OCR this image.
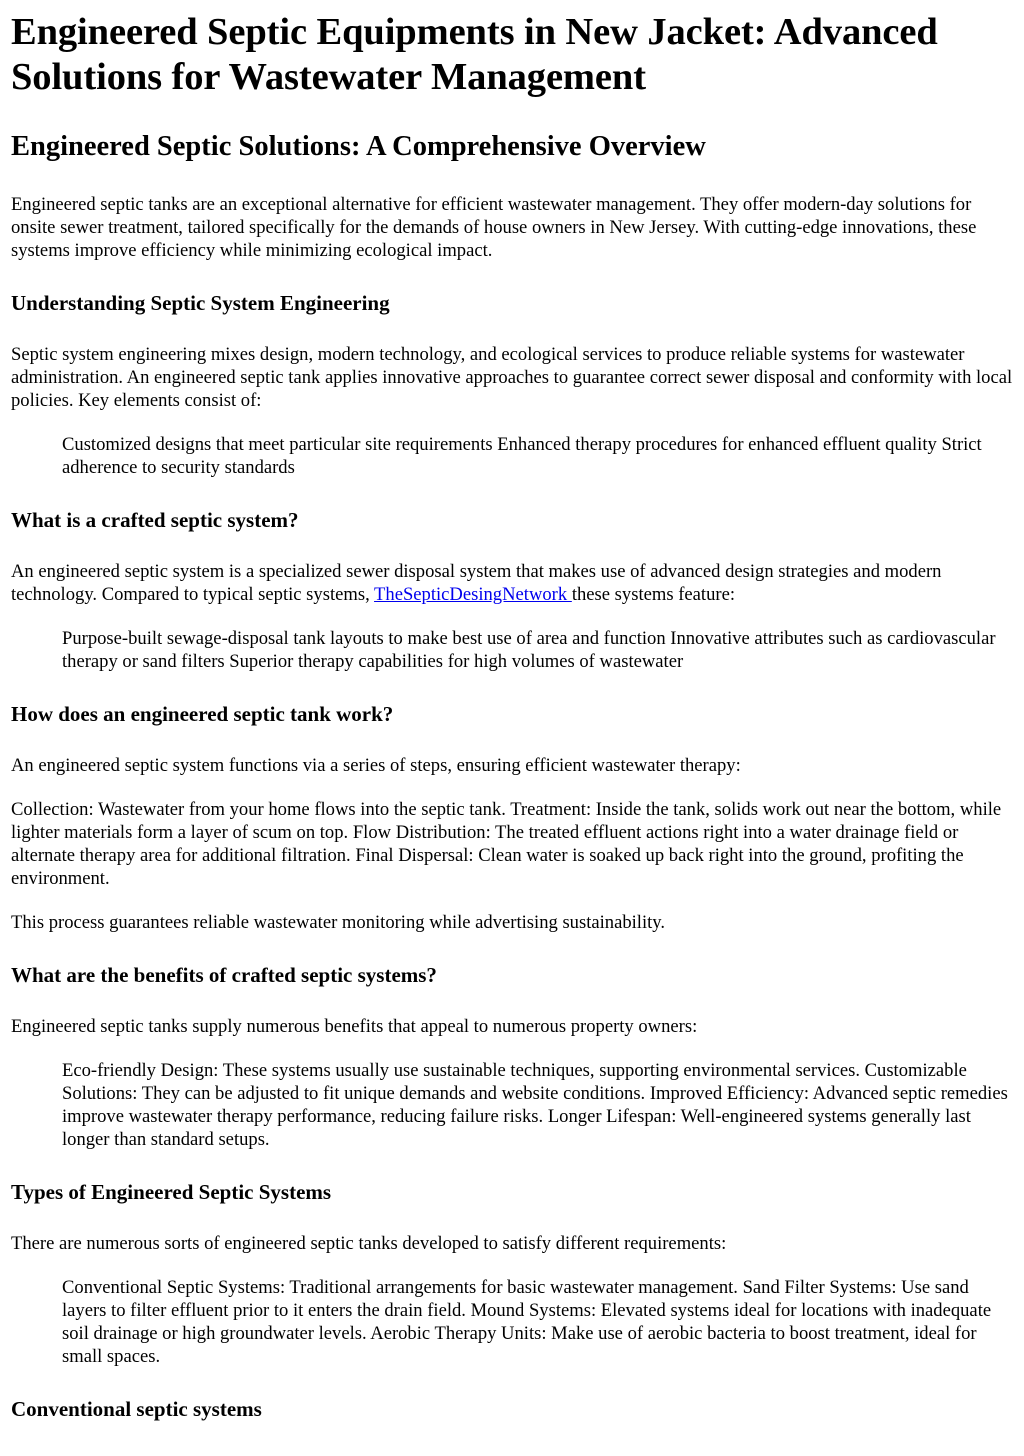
Engineered Septic Equipments in New Jacket: Advanced Solutions for Wastewater Management
Engineered Septic Solutions: A Comprehensive Overview

Engineered septic tanks are an exceptional alternative for efficient wastewater management. They offer modern-day solutions for onsite sewer treatment, tailored specifically for the demands of house owners in New Jersey. With cutting-edge innovations, these systems improve efficiency while minimizing ecological impact.

Understanding Septic System Engineering

Septic system engineering mixes design, modern technology, and ecological services to produce reliable systems for wastewater administration. An engineered septic tank applies innovative approaches to guarantee correct sewer disposal and conformity with local policies. Key elements consist of:

Customized designs that meet particular site requirements Enhanced therapy procedures for enhanced effluent quality Strict adherence to security standards

What is a crafted septic system?

An engineered septic system is a specialized sewer disposal system that makes use of advanced design strategies and modern technology. Compared to typical septic systems, TheSepticDesingNetwork these systems feature:

Purpose-built sewage-disposal tank layouts to make best use of area and function Innovative attributes such as cardiovascular therapy or sand filters Superior therapy capabilities for high volumes of wastewater

How does an engineered septic tank work?

An engineered septic system functions via a series of steps, ensuring efficient wastewater therapy:

Collection: Wastewater from your home flows into the septic tank. Treatment: Inside the tank, solids work out near the bottom, while lighter materials form a layer of scum on top. Flow Distribution: The treated effluent actions right into a water drainage field or alternate therapy area for additional filtration. Final Dispersal: Clean water is soaked up back right into the ground, profiting the environment.

This process guarantees reliable wastewater monitoring while advertising sustainability.

What are the benefits of crafted septic systems?

Engineered septic tanks supply numerous benefits that appeal to numerous property owners:

Eco-friendly Design: These systems usually use sustainable techniques, supporting environmental services. Customizable Solutions: They can be adjusted to fit unique demands and website conditions. Improved Efficiency: Advanced septic remedies improve wastewater therapy performance, reducing failure risks. Longer Lifespan: Well-engineered systems generally last longer than standard setups.

Types of Engineered Septic Systems

There are numerous sorts of engineered septic tanks developed to satisfy different requirements:

Conventional Septic Systems: Traditional arrangements for basic wastewater management. Sand Filter Systems: Use sand layers to filter effluent prior to it enters the drain field. Mound Systems: Elevated systems ideal for locations with inadequate soil drainage or high groundwater levels. Aerobic Therapy Units: Make use of aerobic bacteria to boost treatment, ideal for small spaces.

Conventional septic systems
